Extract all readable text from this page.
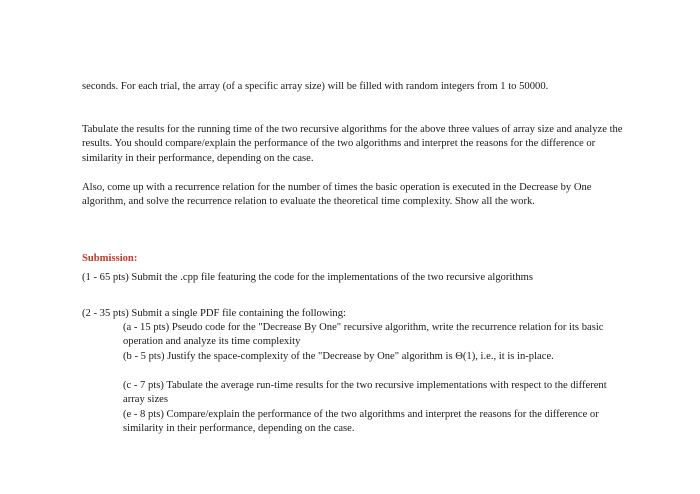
seconds. For each trial, the array (of a specific array size) will be filled with random integers from 1 to 50000.

Tabulate the results for the running time of the two recursive algorithms for the above three values of array size and analyze the results. You should compare/explain the performance of the two algorithms and interpret the reasons for the difference or similarity in their performance, depending on the case.

Also, come up with a recurrence relation for the number of times the basic operation is executed in the Decrease by One algorithm, and solve the recurrence relation to evaluate the theoretical time complexity. Show all the work.

Submission:

(1 - 65 pts) Submit the .cpp file featuring the code for the implementations of the two recursive algorithms

(2 - 35 pts) Submit a single PDF file containing the following:

(a - 15 pts) Pseudo code for the "Decrease By One" recursive algorithm, write the recurrence relation for its basic operation and analyze its time complexity

(b - 5 pts) Justify the space-complexity of the "Decrease by One" algorithm is Θ(1), i.e., it is in-place.

(c - 7 pts) Tabulate the average run-time results for the two recursive implementations with respect to the different array sizes

(e - 8 pts) Compare/explain the performance of the two algorithms and interpret the reasons for the difference or similarity in their performance, depending on the case.
